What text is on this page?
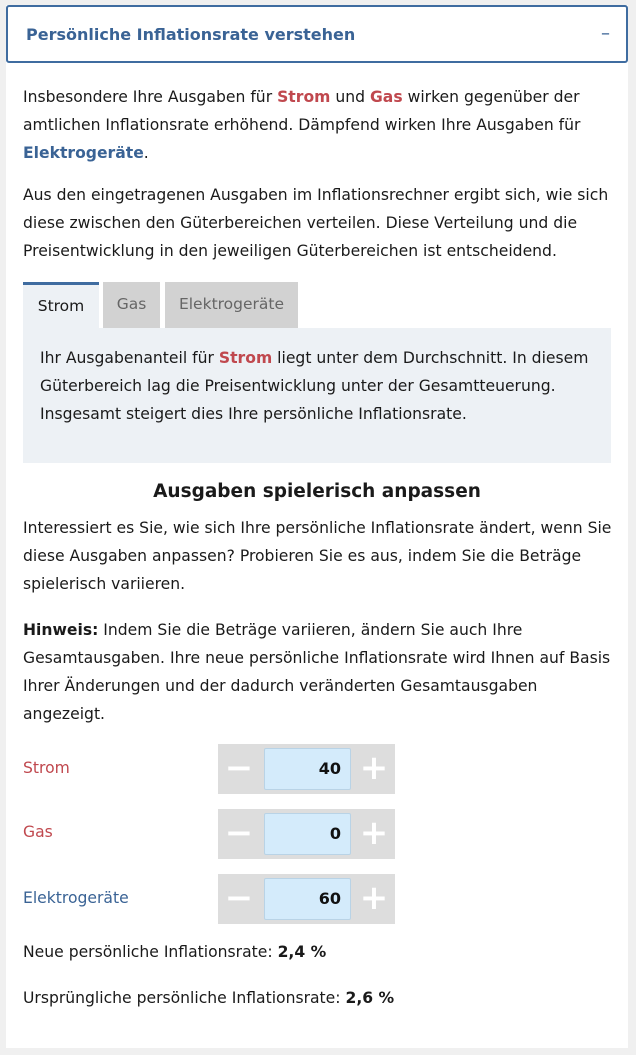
Persönliche Inflationsrate verstehen	–

Insbesondere Ihre Ausgaben für Strom und Gas wirken gegenüber der amtlichen Inflationsrate erhöhend. Dämpfend wirken Ihre Ausgaben für Elektrogeräte.

Aus den eingetragenen Ausgaben im Inflationsrechner ergibt sich, wie sich diese zwischen den Güterbereichen verteilen. Diese Verteilung und die Preisentwicklung in den jeweiligen Güterbereichen ist entscheidend.

Strom	Gas	Elektrogeräte

Ihr Ausgabenanteil für Strom liegt unter dem Durchschnitt. In diesem Güterbereich lag die Preisentwicklung unter der Gesamtteuerung. Insgesamt steigert dies Ihre persönliche Inflationsrate.

Ausgaben spielerisch anpassen

Interessiert es Sie, wie sich Ihre persönliche Inflationsrate ändert, wenn Sie diese Ausgaben anpassen? Probieren Sie es aus, indem Sie die Beträge spielerisch variieren.

Hinweis: Indem Sie die Beträge variieren, ändern Sie auch Ihre Gesamtausgaben. Ihre neue persönliche Inflationsrate wird Ihnen auf Basis Ihrer Änderungen und der dadurch veränderten Gesamtausgaben angezeigt.

Strom	−	40 +
Gas	−	0 +
Elektrogeräte	−	60 +

Neue persönliche Inflationsrate: 2,4 %

Ursprüngliche persönliche Inflationsrate: 2,6 %
